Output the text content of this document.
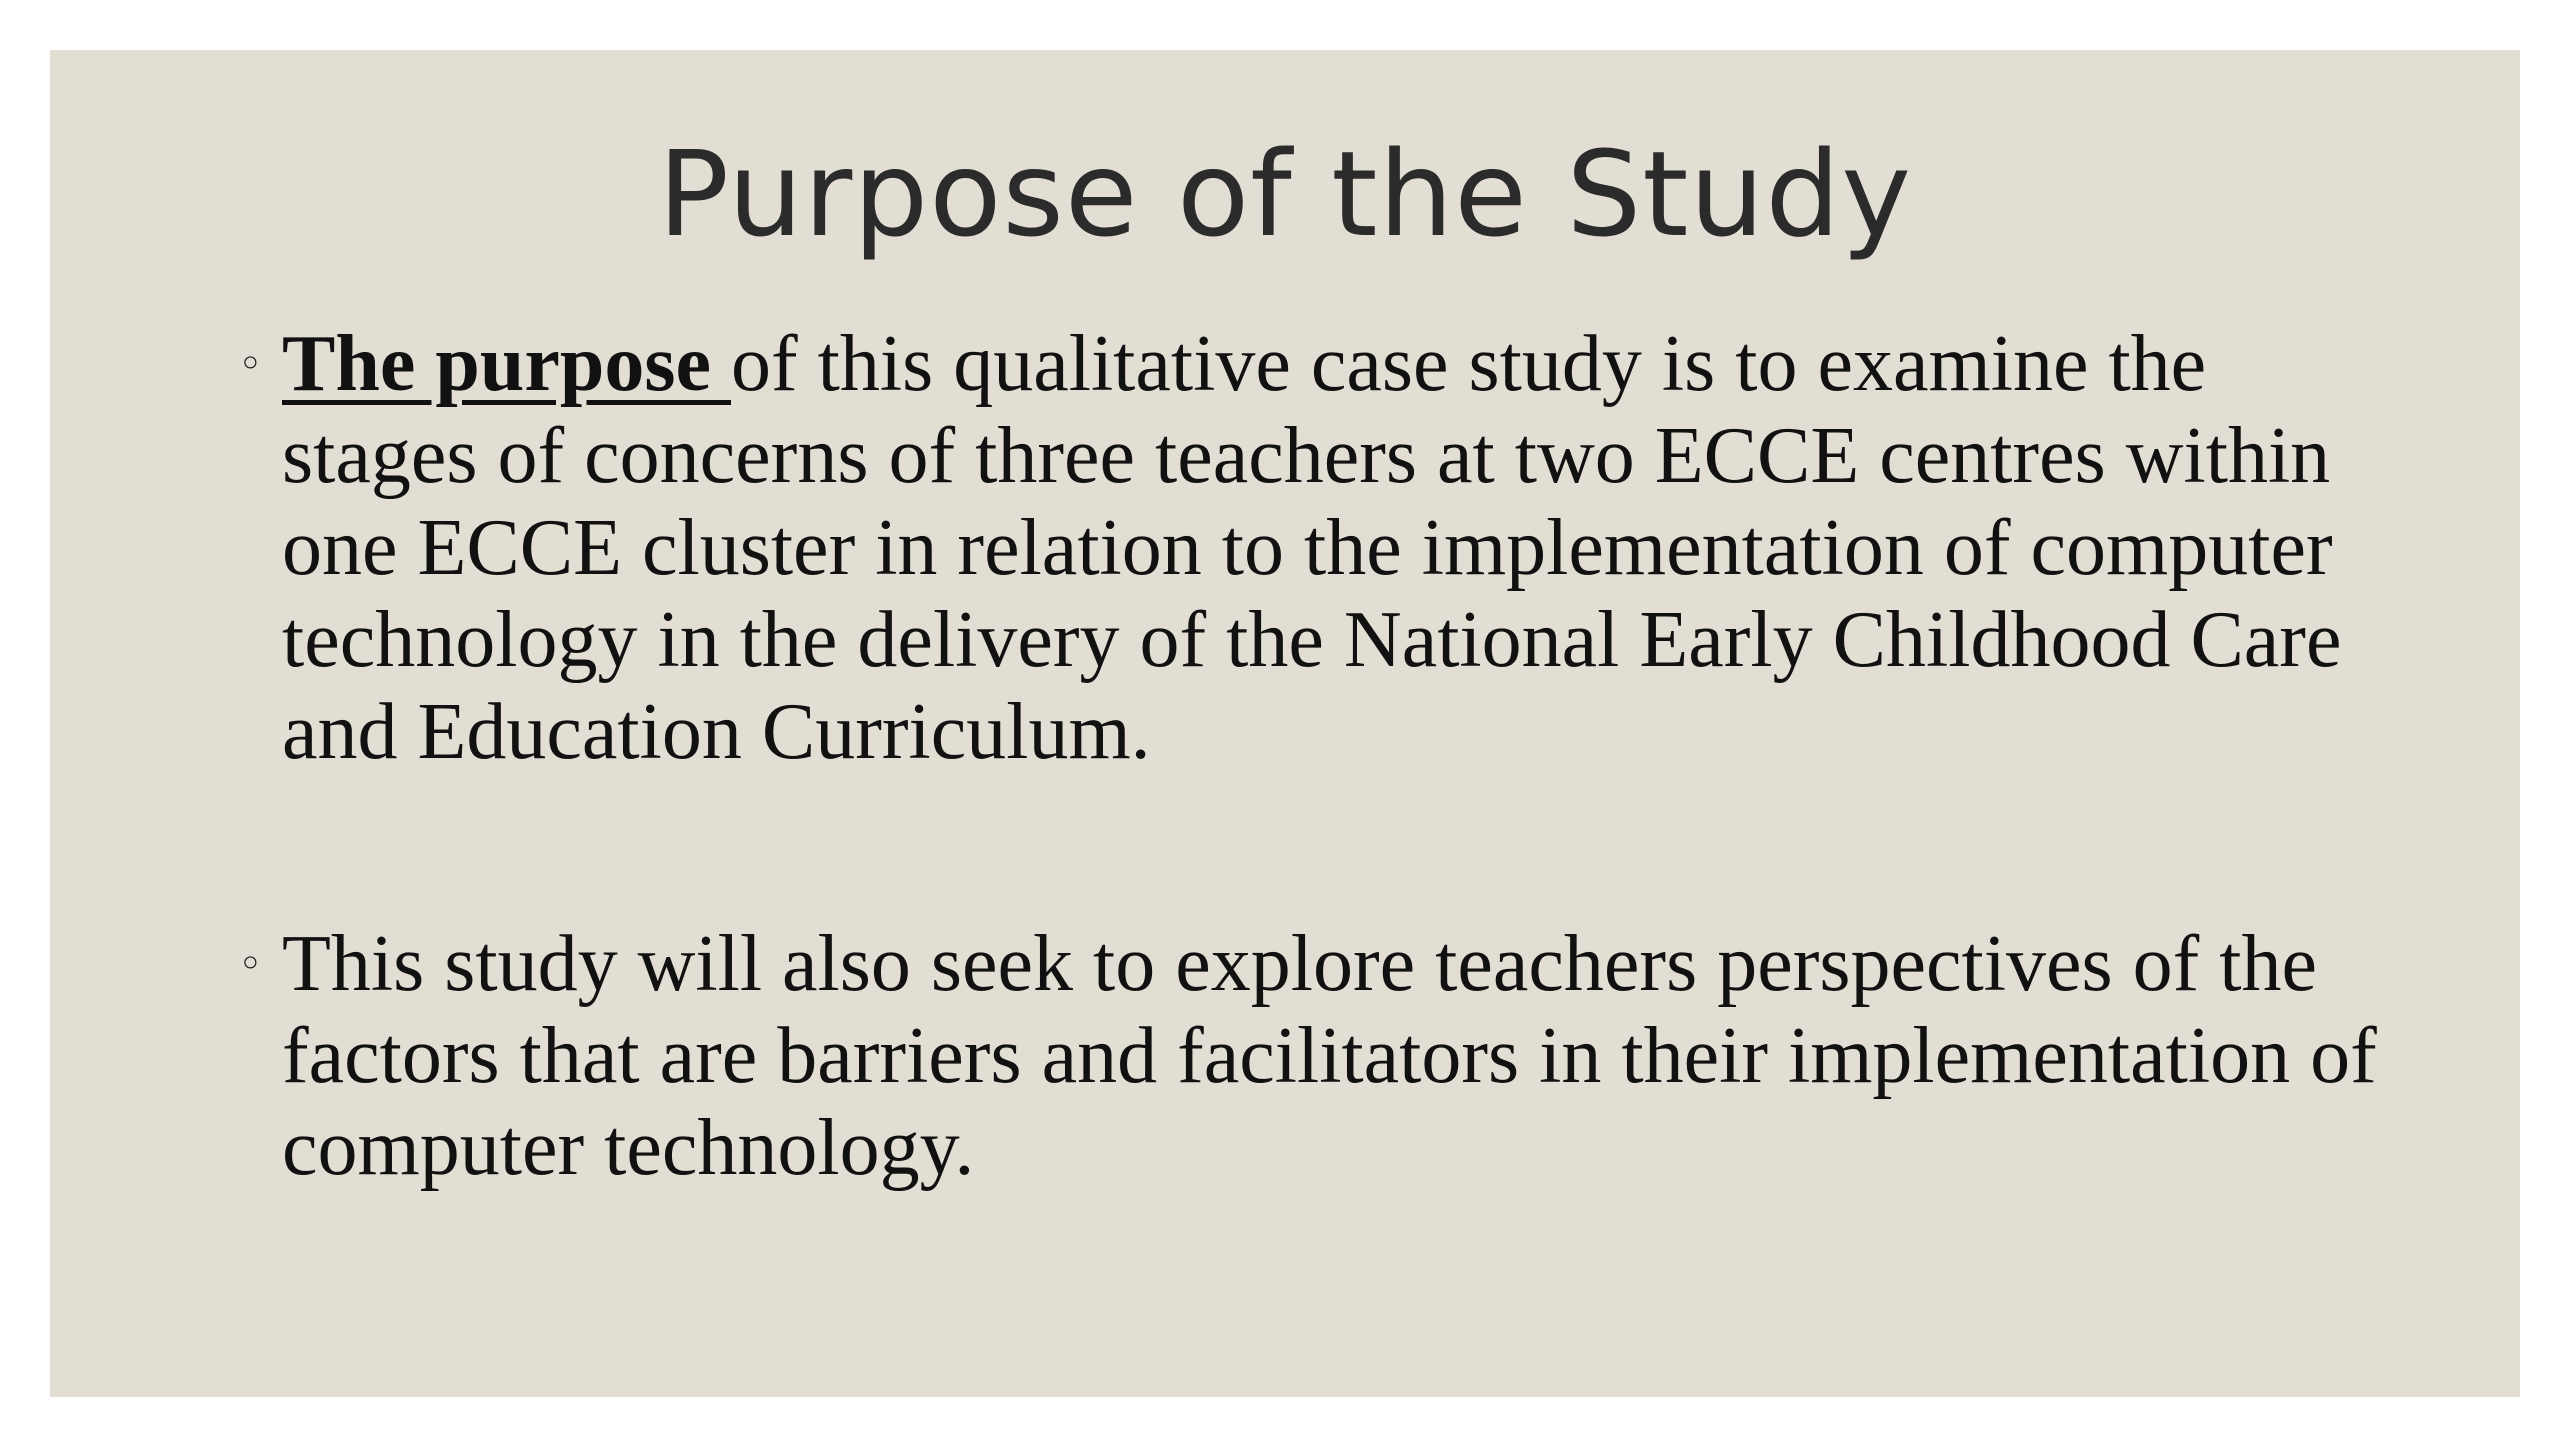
Purpose of the Study
◦ The purpose of this qualitative case study is to examine the stages of concerns of three teachers at two ECCE centres within one ECCE cluster in relation to the implementation of computer technology in the delivery of the National Early Childhood Care and Education Curriculum.
◦ This study will also seek to explore teachers perspectives of the factors that are barriers and facilitators in their implementation of computer technology.
